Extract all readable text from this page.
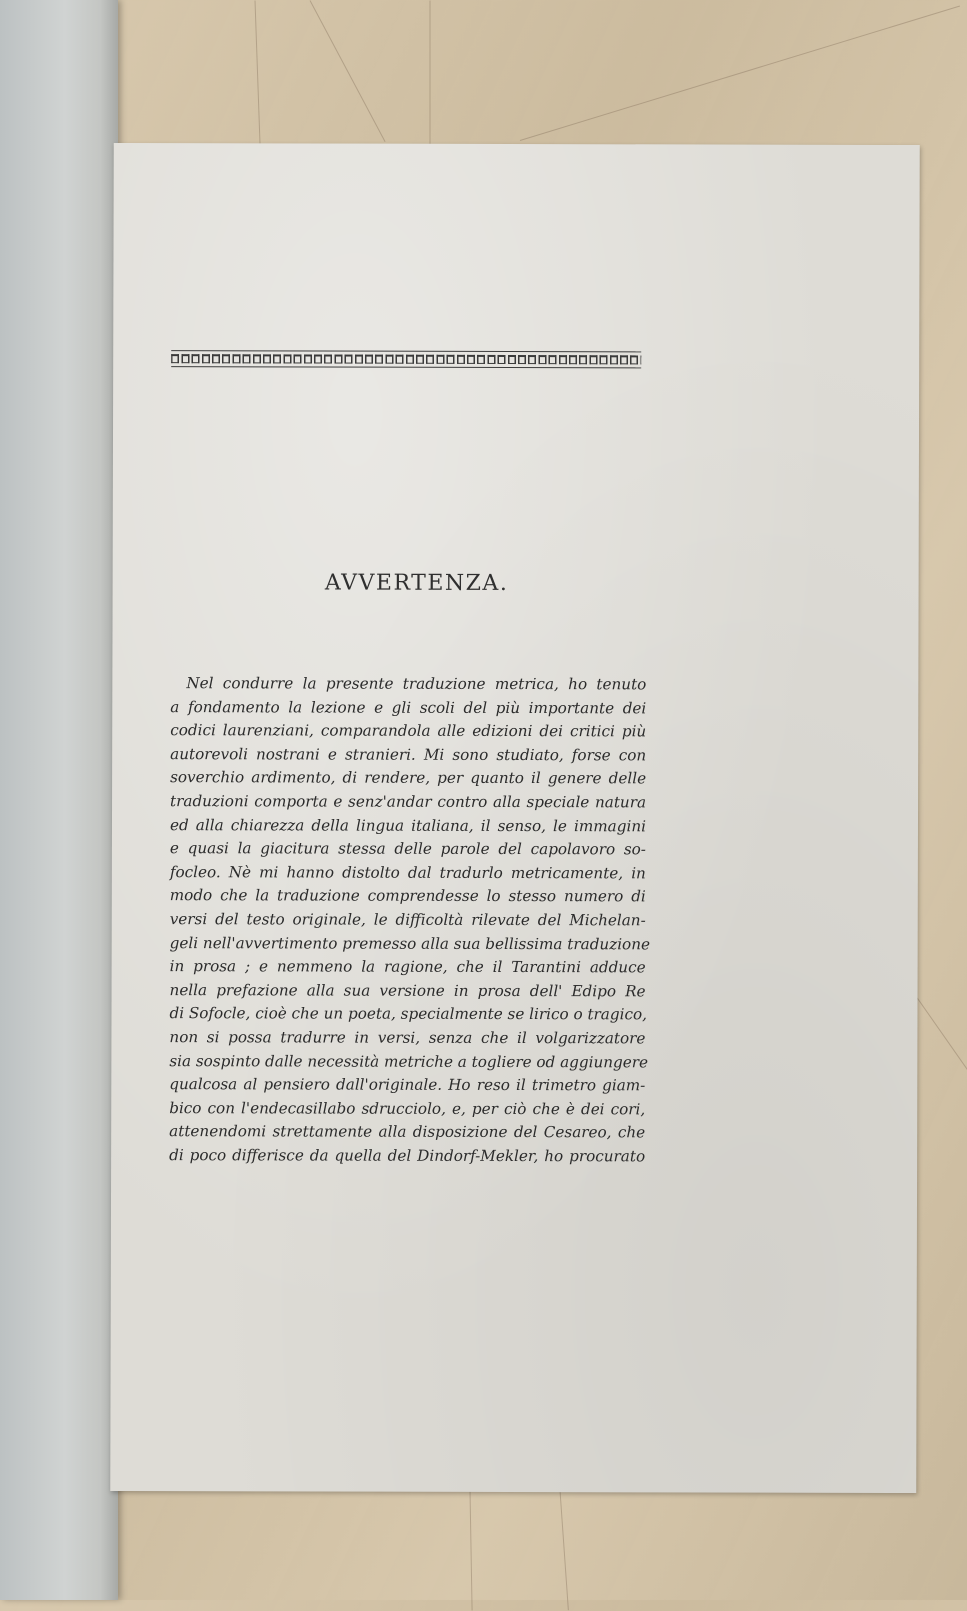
AVVERTENZA.
Nel condurre la presente traduzione metrica, ho tenuto
a fondamento la lezione e gli scoli del più importante dei
codici laurenziani, comparandola alle edizioni dei critici più
autorevoli nostrani e stranieri. Mi sono studiato, forse con
soverchio ardimento, di rendere, per quanto il genere delle
traduzioni comporta e senz'andar contro alla speciale natura
ed alla chiarezza della lingua italiana, il senso, le immagini
e quasi la giacitura stessa delle parole del capolavoro so-
focleo. Nè mi hanno distolto dal tradurlo metricamente, in
modo che la traduzione comprendesse lo stesso numero di
versi del testo originale, le difficoltà rilevate del Michelan-
geli nell'avvertimento premesso alla sua bellissima traduzione
in prosa ; e nemmeno la ragione, che il Tarantini adduce
nella prefazione alla sua versione in prosa dell' Edipo Re
di Sofocle, cioè che un poeta, specialmente se lirico o tragico,
non si possa tradurre in versi, senza che il volgarizzatore
sia sospinto dalle necessità metriche a togliere od aggiungere
qualcosa al pensiero dall'originale. Ho reso il trimetro giam-
bico con l'endecasillabo sdrucciolo, e, per ciò che è dei cori,
attenendomi strettamente alla disposizione del Cesareo, che
di poco differisce da quella del Dindorf-Mekler, ho procurato
